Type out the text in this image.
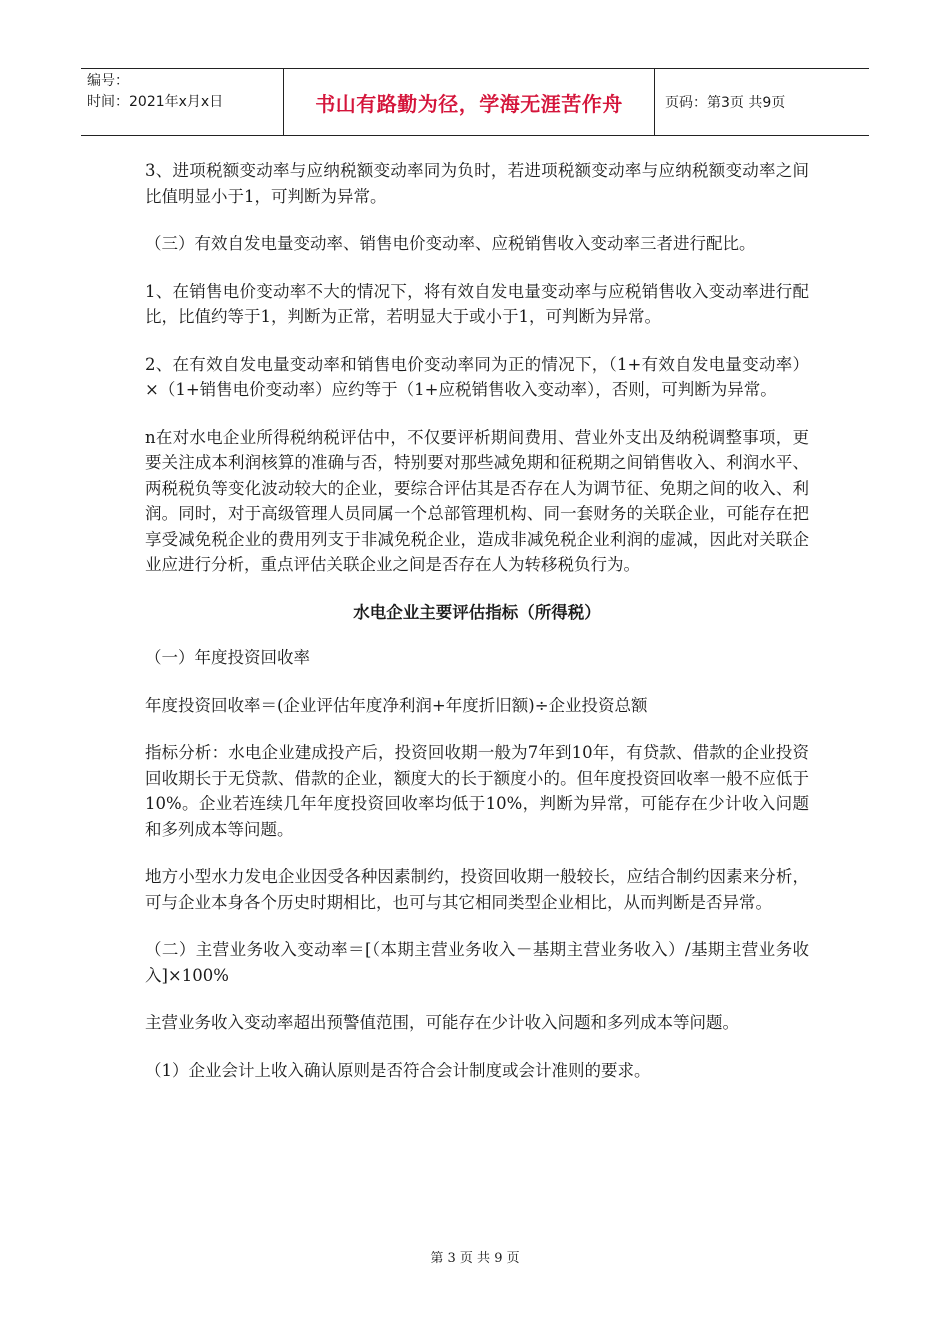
编号：
时间：2021年x月x日	书山有路勤为径，学海无涯苦作舟	页码：第3页 共9页

3、进项税额变动率与应纳税额变动率同为负时，若进项税额变动率与应纳税额变动率之间比值明显小于1，可判断为异常。

（三）有效自发电量变动率、销售电价变动率、应税销售收入变动率三者进行配比。

1、在销售电价变动率不大的情况下，将有效自发电量变动率与应税销售收入变动率进行配比，比值约等于1，判断为正常，若明显大于或小于1，可判断为异常。

2、在有效自发电量变动率和销售电价变动率同为正的情况下，（1+有效自发电量变动率）×（1+销售电价变动率）应约等于（1+应税销售收入变动率），否则，可判断为异常。

n在对水电企业所得税纳税评估中，不仅要评析期间费用、营业外支出及纳税调整事项，更要关注成本利润核算的准确与否，特别要对那些减免期和征税期之间销售收入、利润水平、两税税负等变化波动较大的企业，要综合评估其是否存在人为调节征、免期之间的收入、利润。同时，对于高级管理人员同属一个总部管理机构、同一套财务的关联企业，可能存在把享受减免税企业的费用列支于非减免税企业，造成非减免税企业利润的虚减，因此对关联企业应进行分析，重点评估关联企业之间是否存在人为转移税负行为。

水电企业主要评估指标（所得税）

（一）年度投资回收率

年度投资回收率＝(企业评估年度净利润+年度折旧额)÷企业投资总额

指标分析：水电企业建成投产后，投资回收期一般为7年到10年，有贷款、借款的企业投资回收期长于无贷款、借款的企业，额度大的长于额度小的。但年度投资回收率一般不应低于10%。企业若连续几年年度投资回收率均低于10%，判断为异常，可能存在少计收入问题和多列成本等问题。

地方小型水力发电企业因受各种因素制约，投资回收期一般较长，应结合制约因素来分析，可与企业本身各个历史时期相比，也可与其它相同类型企业相比，从而判断是否异常。

（二）主营业务收入变动率＝[（本期主营业务收入－基期主营业务收入）/基期主营业务收入]×100%

主营业务收入变动率超出预警值范围，可能存在少计收入问题和多列成本等问题。

（1）企业会计上收入确认原则是否符合会计制度或会计准则的要求。

第 3 页 共 9 页
